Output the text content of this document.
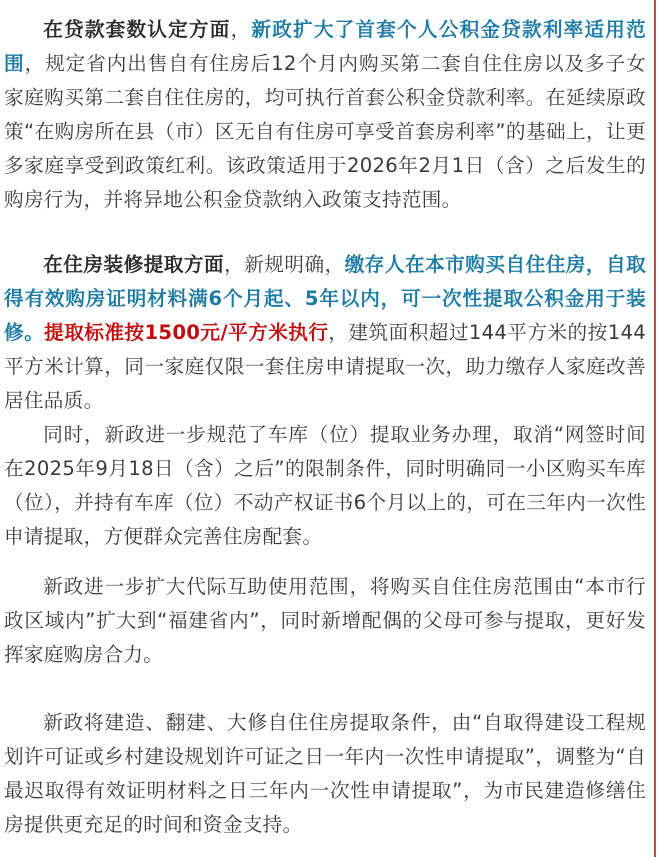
在贷款套数认定方面，新政扩大了首套个人公积金贷款利率适用范围，规定省内出售自有住房后12个月内购买第二套自住住房以及多子女家庭购买第二套自住住房的，均可执行首套公积金贷款利率。在延续原政策“在购房所在县（市）区无自有住房可享受首套房利率”的基础上，让更多家庭享受到政策红利。该政策适用于2026年2月1日（含）之后发生的购房行为，并将异地公积金贷款纳入政策支持范围。

在住房装修提取方面，新规明确，缴存人在本市购买自住住房，自取得有效购房证明材料满6个月起、5年以内，可一次性提取公积金用于装修。提取标准按1500元/平方米执行，建筑面积超过144平方米的按144平方米计算，同一家庭仅限一套住房申请提取一次，助力缴存人家庭改善居住品质。

同时，新政进一步规范了车库（位）提取业务办理，取消“网签时间在2025年9月18日（含）之后”的限制条件，同时明确同一小区购买车库（位），并持有车库（位）不动产权证书6个月以上的，可在三年内一次性申请提取，方便群众完善住房配套。

新政进一步扩大代际互助使用范围，将购买自住住房范围由“本市行政区域内”扩大到“福建省内”，同时新增配偶的父母可参与提取，更好发挥家庭购房合力。

新政将建造、翻建、大修自住住房提取条件，由“自取得建设工程规划许可证或乡村建设规划许可证之日一年内一次性申请提取”，调整为“自最迟取得有效证明材料之日三年内一次性申请提取”，为市民建造修缮住房提供更充足的时间和资金支持。
